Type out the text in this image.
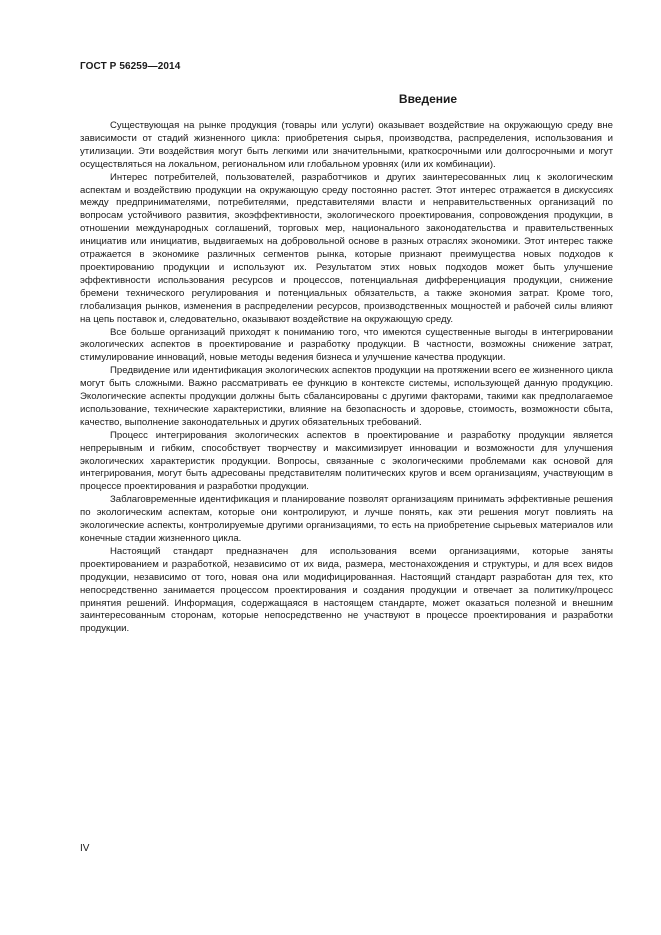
ГОСТ Р 56259—2014
Введение

Существующая на рынке продукция (товары или услуги) оказывает воздействие на окружающую среду вне зависимости от стадий жизненного цикла: приобретения сырья, производства, распределения, использования и утилизации. Эти воздействия могут быть легкими или значительными, краткосрочными или долгосрочными и могут осуществляться на локальном, региональном или глобальном уровнях (или их комбинации).

Интерес потребителей, пользователей, разработчиков и других заинтересованных лиц к экологическим аспектам и воздействию продукции на окружающую среду постоянно растет. Этот интерес отражается в дискуссиях между предпринимателями, потребителями, представителями власти и неправительственных организаций по вопросам устойчивого развития, экоэффективности, экологического проектирования, сопровождения продукции, в отношении международных соглашений, торговых мер, национального законодательства и правительственных инициатив или инициатив, выдвигаемых на добровольной основе в разных отраслях экономики. Этот интерес также отражается в экономике различных сегментов рынка, которые признают преимущества новых подходов к проектированию продукции и используют их. Результатом этих новых подходов может быть улучшение эффективности использования ресурсов и процессов, потенциальная дифференциация продукции, снижение бремени технического регулирования и потенциальных обязательств, а также экономия затрат. Кроме того, глобализация рынков, изменения в распределении ресурсов, производственных мощностей и рабочей силы влияют на цепь поставок и, следовательно, оказывают воздействие на окружающую среду.

Все больше организаций приходят к пониманию того, что имеются существенные выгоды в интегрировании экологических аспектов в проектирование и разработку продукции. В частности, возможны снижение затрат, стимулирование инноваций, новые методы ведения бизнеса и улучшение качества продукции.

Предвидение или идентификация экологических аспектов продукции на протяжении всего ее жизненного цикла могут быть сложными. Важно рассматривать ее функцию в контексте системы, использующей данную продукцию. Экологические аспекты продукции должны быть сбалансированы с другими факторами, такими как предполагаемое использование, технические характеристики, влияние на безопасность и здоровье, стоимость, возможности сбыта, качество, выполнение законодательных и других обязательных требований.

Процесс интегрирования экологических аспектов в проектирование и разработку продукции является непрерывным и гибким, способствует творчеству и максимизирует инновации и возможности для улучшения экологических характеристик продукции. Вопросы, связанные с экологическими проблемами как основой для интегрирования, могут быть адресованы представителям политических кругов и всем организациям, участвующим в процессе проектирования и разработки продукции.

Заблаговременные идентификация и планирование позволят организациям принимать эффективные решения по экологическим аспектам, которые они контролируют, и лучше понять, как эти решения могут повлиять на экологические аспекты, контролируемые другими организациями, то есть на приобретение сырьевых материалов или конечные стадии жизненного цикла.

Настоящий стандарт предназначен для использования всеми организациями, которые заняты проектированием и разработкой, независимо от их вида, размера, местонахождения и структуры, и для всех видов продукции, независимо от того, новая она или модифицированная. Настоящий стандарт разработан для тех, кто непосредственно занимается процессом проектирования и создания продукции и отвечает за политику/процесс принятия решений. Информация, содержащаяся в настоящем стандарте, может оказаться полезной и внешним заинтересованным сторонам, которые непосредственно не участвуют в процессе проектирования и разработки продукции.

IV
